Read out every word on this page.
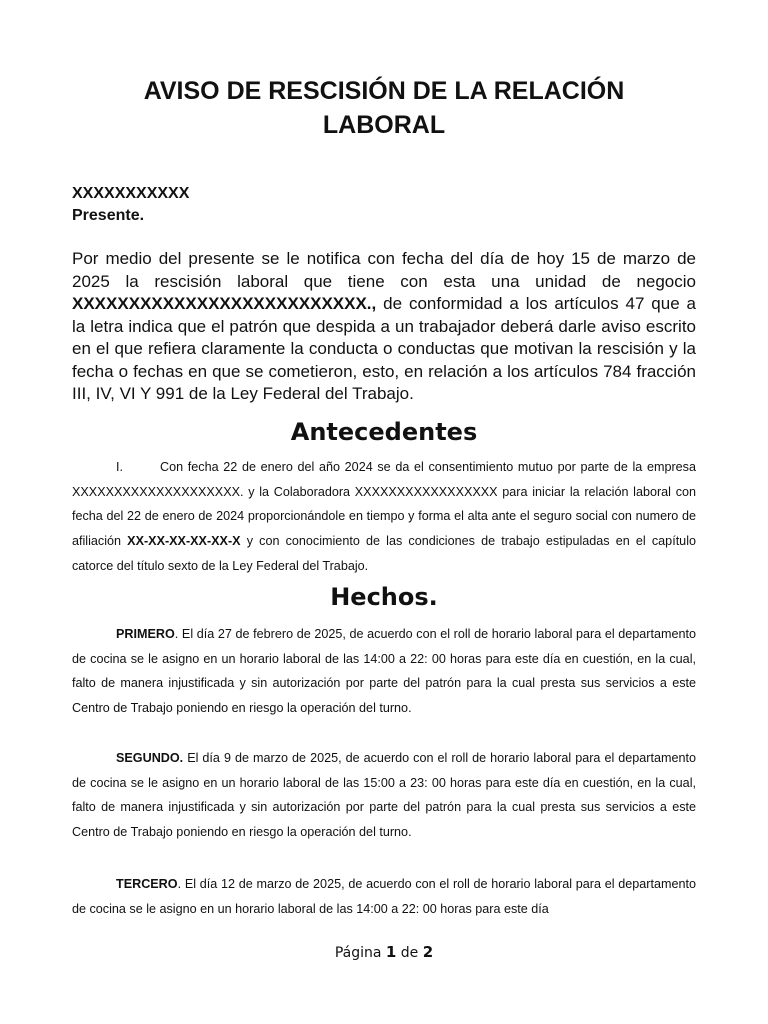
AVISO DE RESCISIÓN DE LA RELACIÓN
LABORAL
XXXXXXXXXXX
Presente.

Por medio del presente se le notifica con fecha del día de hoy 15 de marzo de 2025 la rescisión laboral que tiene con esta una unidad de negocio XXXXXXXXXXXXXXXXXXXXXXXXXX., de conformidad a los artículos 47 que a la letra indica que el patrón que despida a un trabajador deberá darle aviso escrito en el que refiera claramente la conducta o conductas que motivan la rescisión y la fecha o fechas en que se cometieron, esto, en relación a los artículos 784 fracción III, IV, VI Y 991 de la Ley Federal del Trabajo.

Antecedentes

I.	Con fecha 22 de enero del año 2024 se da el consentimiento mutuo por parte de la empresa XXXXXXXXXXXXXXXXXXXX. y la Colaboradora XXXXXXXXXXXXXXXXX para iniciar la relación laboral con fecha del 22 de enero de 2024 proporcionándole en tiempo y forma el alta ante el seguro social con numero de afiliación XX-XX-XX-XX-XX-X y con conocimiento de las condiciones de trabajo estipuladas en el capítulo catorce del título sexto de la Ley Federal del Trabajo.

Hechos.

PRIMERO. El día 27 de febrero de 2025, de acuerdo con el roll de horario laboral para el departamento de cocina se le asigno en un horario laboral de las 14:00 a 22: 00 horas para este día en cuestión, en la cual, falto de manera injustificada y sin autorización por parte del patrón para la cual presta sus servicios a este Centro de Trabajo poniendo en riesgo la operación del turno.

SEGUNDO. El día 9 de marzo de 2025, de acuerdo con el roll de horario laboral para el departamento de cocina se le asigno en un horario laboral de las 15:00 a 23: 00 horas para este día en cuestión, en la cual, falto de manera injustificada y sin autorización por parte del patrón para la cual presta sus servicios a este Centro de Trabajo poniendo en riesgo la operación del turno.

TERCERO. El día 12 de marzo de 2025, de acuerdo con el roll de horario laboral para el departamento de cocina se le asigno en un horario laboral de las 14:00 a 22: 00 horas para este día

Página 1 de 2
